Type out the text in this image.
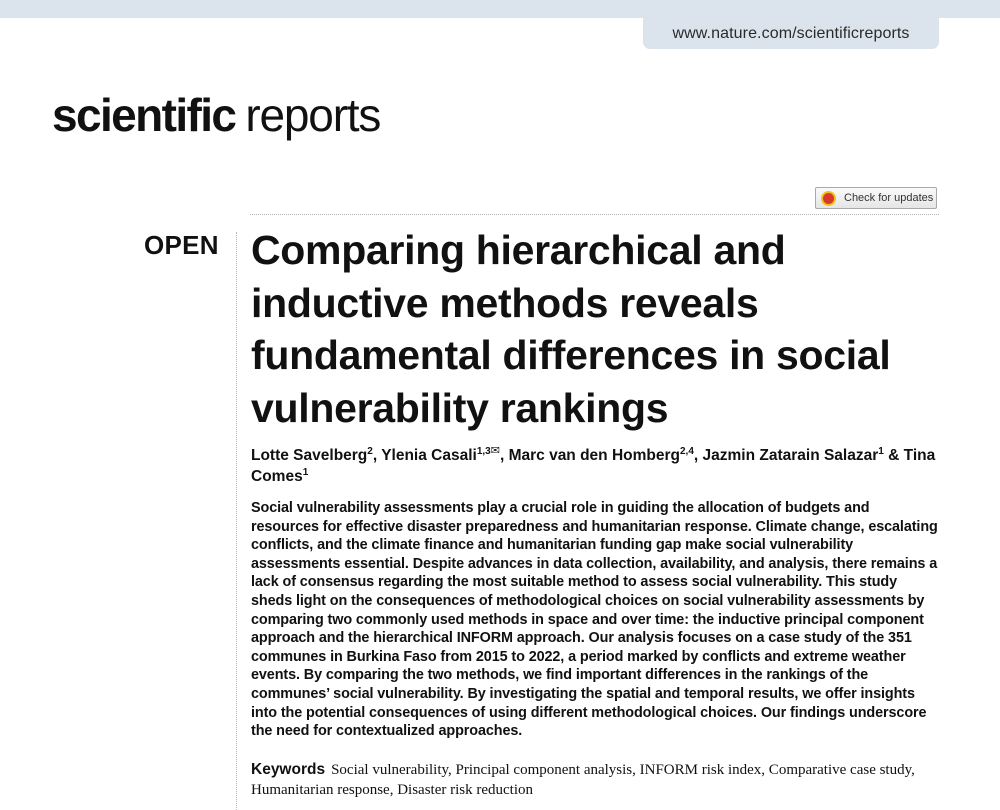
www.nature.com/scientificreports
scientific reports
Check for updates
OPEN Comparing hierarchical and inductive methods reveals fundamental differences in social vulnerability rankings
Lotte Savelberg$^2$, Ylenia Casali$^{1,3✉}$, Marc van den Homberg$^{2,4}$, Jazmin Zatarain Salazar$^1$ & Tina Comes$^1$

Social vulnerability assessments play a crucial role in guiding the allocation of budgets and resources for effective disaster preparedness and humanitarian response. Climate change, escalating conflicts, and the climate finance and humanitarian funding gap make social vulnerability assessments essential. Despite advances in data collection, availability, and analysis, there remains a lack of consensus regarding the most suitable method to assess social vulnerability. This study sheds light on the consequences of methodological choices on social vulnerability assessments by comparing two commonly used methods in space and over time: the inductive principal component approach and the hierarchical INFORM approach. Our analysis focuses on a case study of the 351 communes in Burkina Faso from 2015 to 2022, a period marked by conflicts and extreme weather events. By comparing the two methods, we find important differences in the rankings of the communes’ social vulnerability. By investigating the spatial and temporal results, we offer insights into the potential consequences of using different methodological choices. Our findings underscore the need for contextualized approaches.

Keywords Social vulnerability, Principal component analysis, INFORM risk index, Comparative case study, Humanitarian response, Disaster risk reduction
